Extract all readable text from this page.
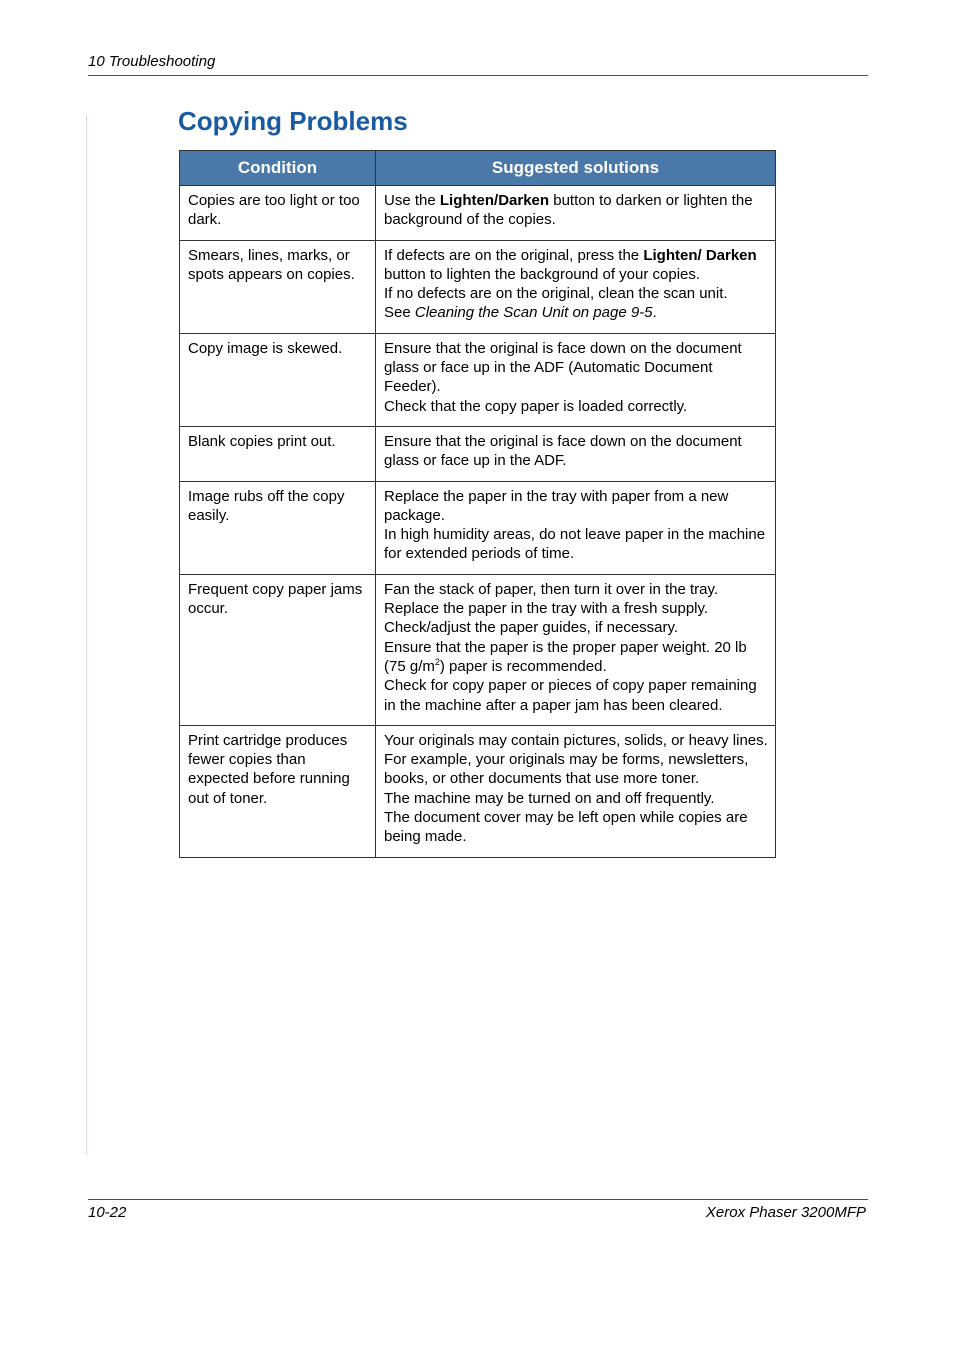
10 Troubleshooting
Copying Problems
Condition	Suggested solutions
Copies are too light or too dark.	Use the Lighten/Darken button to darken or lighten the background of the copies.

Smears, lines, marks, or spots appears on copies.	If defects are on the original, press the Lighten/ Darken button to lighten the background of your copies.

If no defects are on the original, clean the scan unit.

See Cleaning the Scan Unit on page 9-5.

Copy image is skewed.	Ensure that the original is face down on the document glass or face up in the ADF (Automatic Document Feeder).

Check that the copy paper is loaded correctly.

Blank copies print out.	Ensure that the original is face down on the document glass or face up in the ADF.

Image rubs off the copy easily.	Replace the paper in the tray with paper from a new package.

In high humidity areas, do not leave paper in the machine for extended periods of time.

Frequent copy paper jams occur.	Fan the stack of paper, then turn it over in the tray.

Replace the paper in the tray with a fresh supply.

Check/adjust the paper guides, if necessary.

Ensure that the paper is the proper paper weight. 20 lb (75 $g/m^2$) paper is recommended.

Check for copy paper or pieces of copy paper remaining in the machine after a paper jam has been cleared.

Print cartridge produces fewer copies than expected before running out of toner.	Your originals may contain pictures, solids, or heavy lines. For example, your originals may be forms, newsletters, books, or other documents that use more toner.

The machine may be turned on and off frequently.

The document cover may be left open while copies are being made.

10-22	Xerox Phaser 3200MFP
